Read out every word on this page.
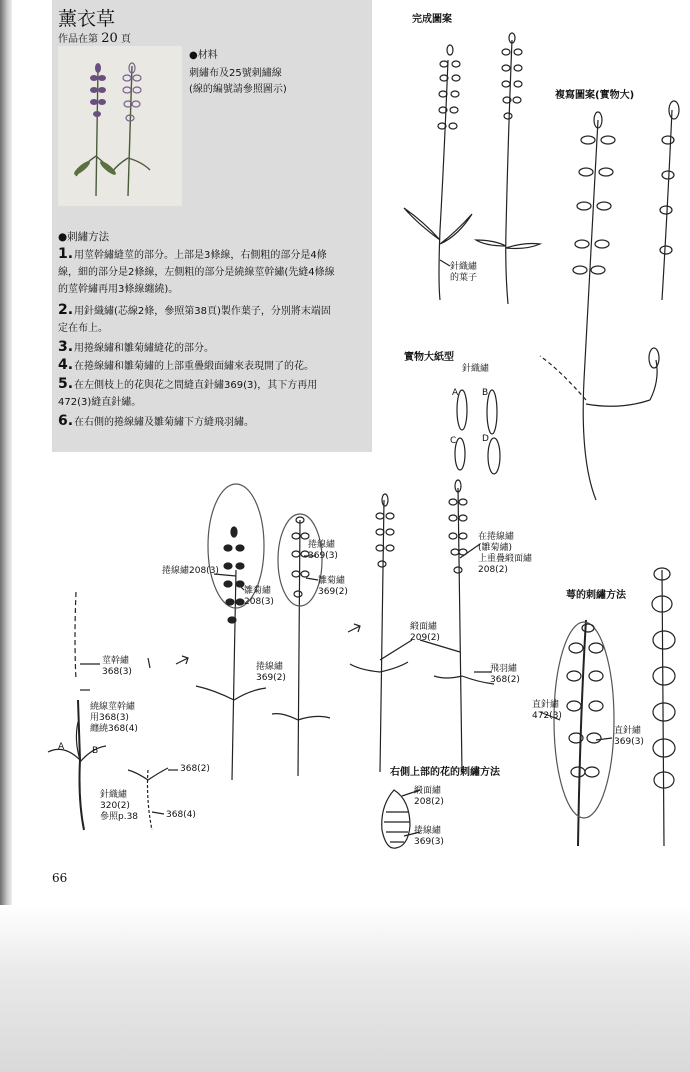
薰衣草
作品在第 20 頁
●材料
刺繡布及25號刺繡線
(線的編號請參照圖示)
●刺繡方法
1.用莖幹繡縫莖的部分。上部是3條線，右側粗的部分是4條
線，細的部分是2條線，左側粗的部分是繞線莖幹繡(先縫4條線
的莖幹繡再用3條線纏繞)。
2.用針織繡(芯線2條，參照第38頁)製作葉子，分別將末端固
定在布上。
3.用捲線繡和雛菊繡縫花的部分。
4.在捲線繡和雛菊繡的上部重疊緞面繡來表現開了的花。
5.在左側枝上的花與花之間縫直針繡369(3)，其下方再用
472(3)縫直針繡。
6.在右側的捲線繡及雛菊繡下方縫飛羽繡。
完成圖案
複寫圖案(實物大)
實物大紙型
萼的刺繡方法
右側上部的花的刺繡方法
針織繡
的葉子
針織繡
A	B
C	D
莖幹繡
368(3)
繞線莖幹繡
用368(3)
纏繞368(4)
A	B
針織繡
320(2)
參照p.38
368(2)
368(4)
捲線繡208(3)
雛菊繡
208(3)
捲線繡
369(3)
雛菊繡
369(2)
捲線繡
369(2)
緞面繡
209(2)
飛羽繡
368(2)
在捲線繡
(雛菊繡)
上重疊緞面繡
208(2)
直針繡
472(3)
直針繡
369(3)
緞面繡
208(2)
捲線繡
369(3)
66
